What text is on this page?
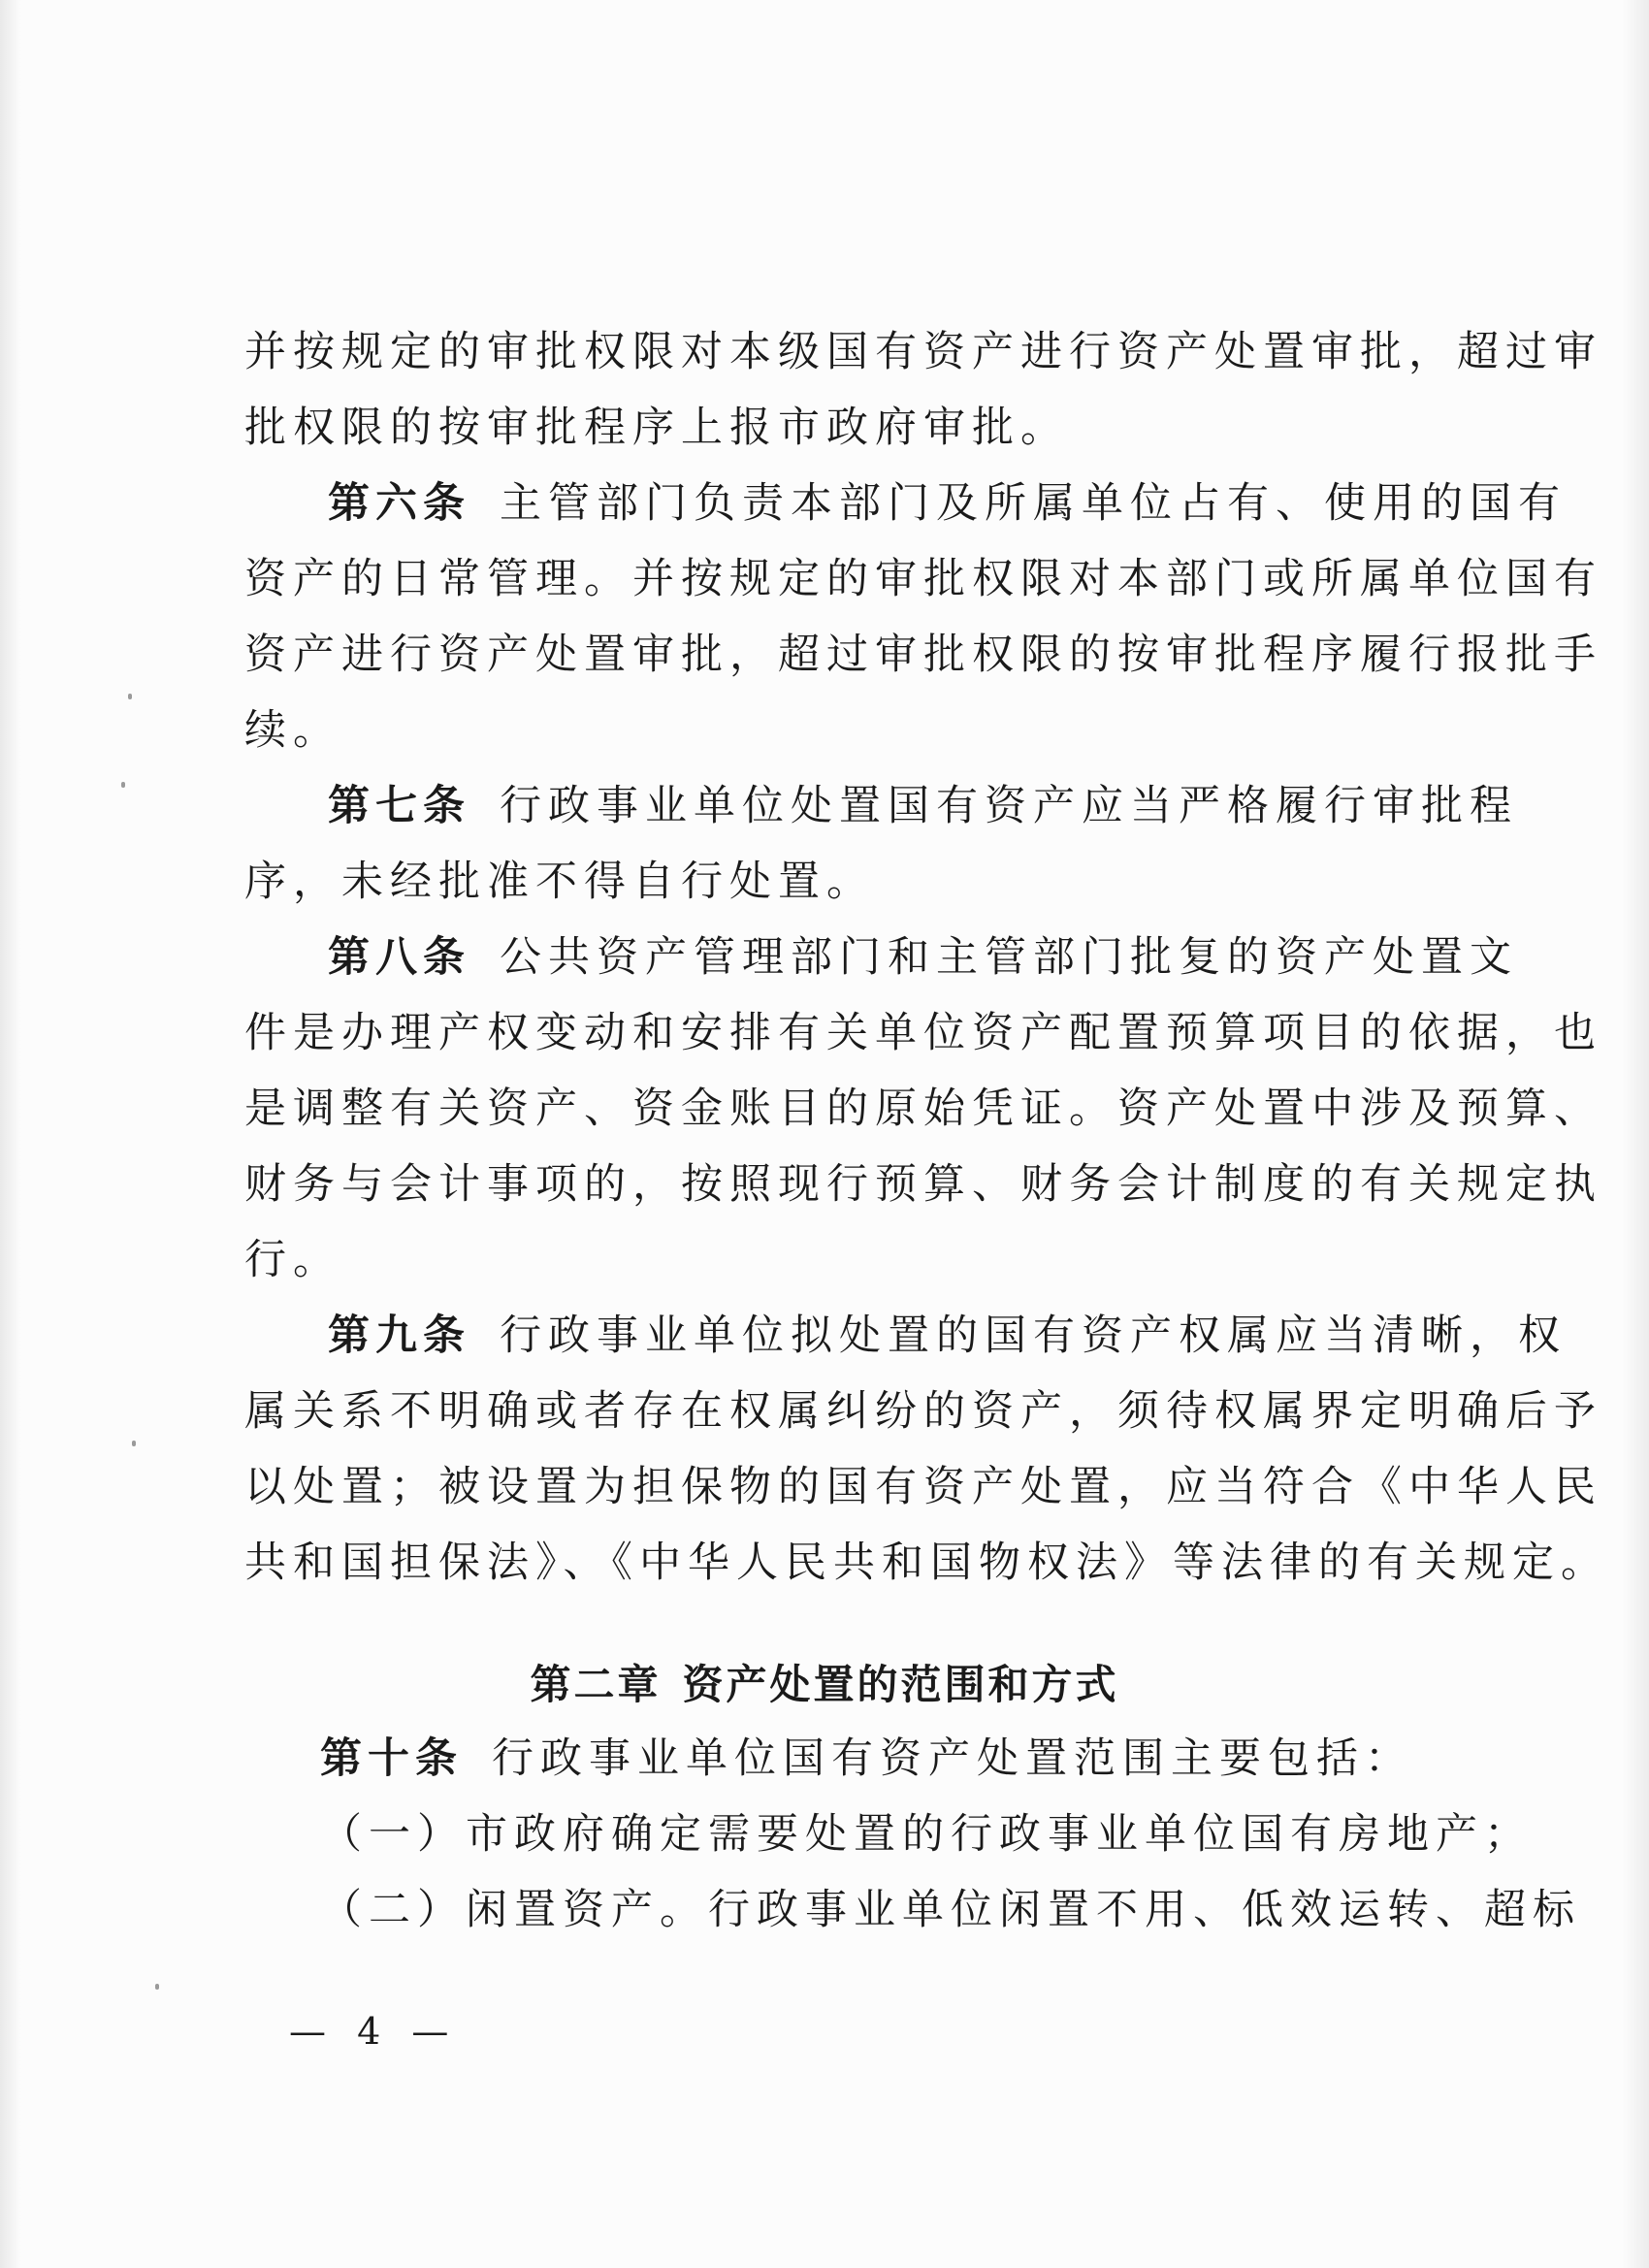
并按规定的审批权限对本级国有资产进行资产处置审批，超过审
批权限的按审批程序上报市政府审批。
第六条 主管部门负责本部门及所属单位占有、使用的国有
资产的日常管理。并按规定的审批权限对本部门或所属单位国有
资产进行资产处置审批，超过审批权限的按审批程序履行报批手
续。
第七条 行政事业单位处置国有资产应当严格履行审批程
序，未经批准不得自行处置。
第八条 公共资产管理部门和主管部门批复的资产处置文
件是办理产权变动和安排有关单位资产配置预算项目的依据，也
是调整有关资产、资金账目的原始凭证。资产处置中涉及预算、
财务与会计事项的，按照现行预算、财务会计制度的有关规定执
行。
第九条 行政事业单位拟处置的国有资产权属应当清晰，权
属关系不明确或者存在权属纠纷的资产，须待权属界定明确后予
以处置；被设置为担保物的国有资产处置，应当符合《中华人民
共和国担保法》、《中华人民共和国物权法》等法律的有关规定。
第二章 资产处置的范围和方式
第十条 行政事业单位国有资产处置范围主要包括：
（一）市政府确定需要处置的行政事业单位国有房地产；
（二）闲置资产。行政事业单位闲置不用、低效运转、超标
— 4 —
